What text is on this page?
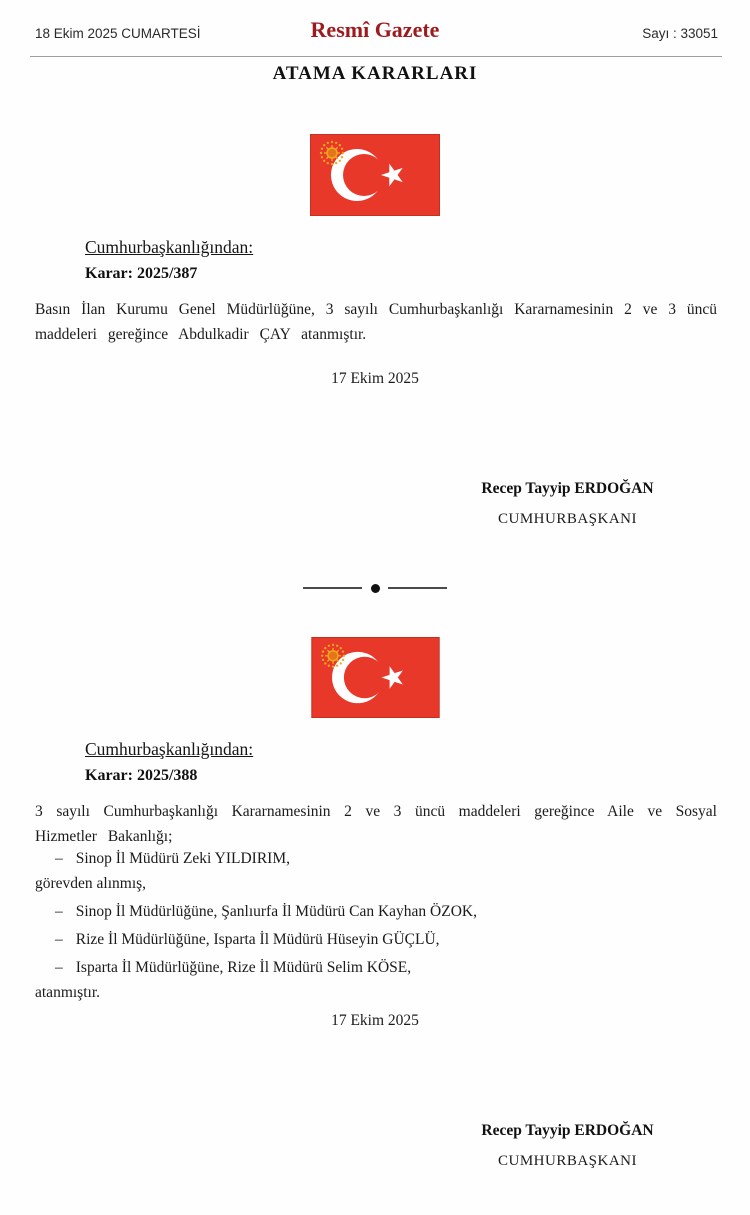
18 Ekim 2025 CUMARTESİ	Resmî Gazete	Sayı : 33051
ATAMA KARARLARI
Cumhurbaşkanlığından:
Karar: 2025/387
Basın İlan Kurumu Genel Müdürlüğüne, 3 sayılı Cumhurbaşkanlığı Kararnamesinin 2 ve 3 üncü maddeleri gereğince Abdulkadir ÇAY atanmıştır.
17 Ekim 2025
Recep Tayyip ERDOĞAN
CUMHURBAŞKANI
Cumhurbaşkanlığından:
Karar: 2025/388
3 sayılı Cumhurbaşkanlığı Kararnamesinin 2 ve 3 üncü maddeleri gereğince Aile ve Sosyal Hizmetler Bakanlığı;
– Sinop İl Müdürü Zeki YILDIRIM,
görevden alınmış,
– Sinop İl Müdürlüğüne, Şanlıurfa İl Müdürü Can Kayhan ÖZOK,
– Rize İl Müdürlüğüne, Isparta İl Müdürü Hüseyin GÜÇLÜ,
– Isparta İl Müdürlüğüne, Rize İl Müdürü Selim KÖSE,
atanmıştır.
17 Ekim 2025
Recep Tayyip ERDOĞAN
CUMHURBAŞKANI
